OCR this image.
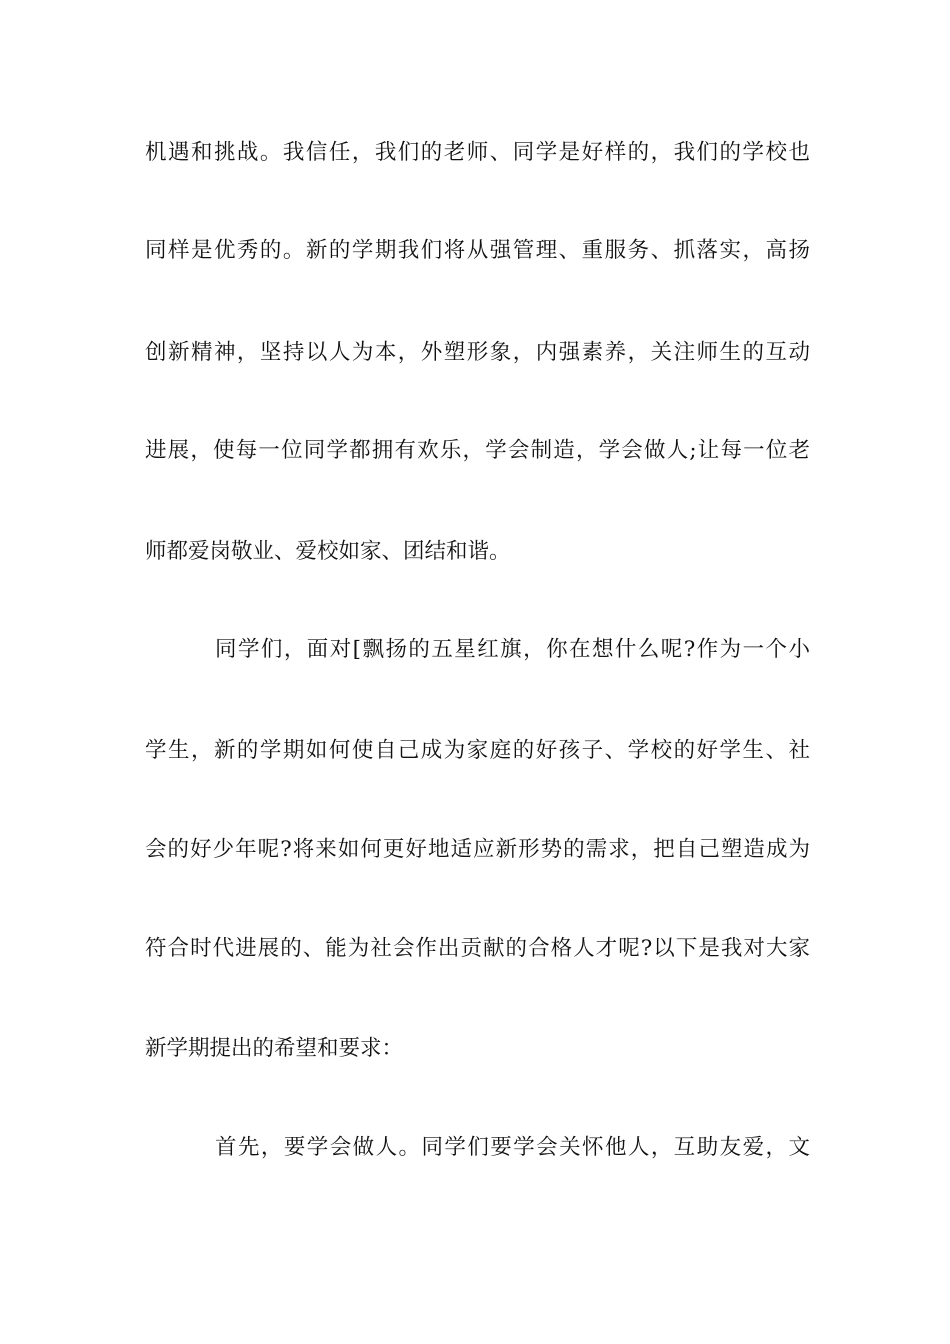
机遇和挑战。我信任，我们的老师、同学是好样的，我们的学校也
同样是优秀的。新的学期我们将从强管理、重服务、抓落实，高扬
创新精神，坚持以人为本，外塑形象，内强素养，关注师生的互动
进展，使每一位同学都拥有欢乐，学会制造，学会做人;让每一位老
师都爱岗敬业、爱校如家、团结和谐。
同学们，面对[飘扬的五星红旗，你在想什么呢?作为一个小
学生，新的学期如何使自己成为家庭的好孩子、学校的好学生、社
会的好少年呢?将来如何更好地适应新形势的需求，把自己塑造成为
符合时代进展的、能为社会作出贡献的合格人才呢?以下是我对大家
新学期提出的希望和要求：
首先，要学会做人。同学们要学会关怀他人，互助友爱，文
